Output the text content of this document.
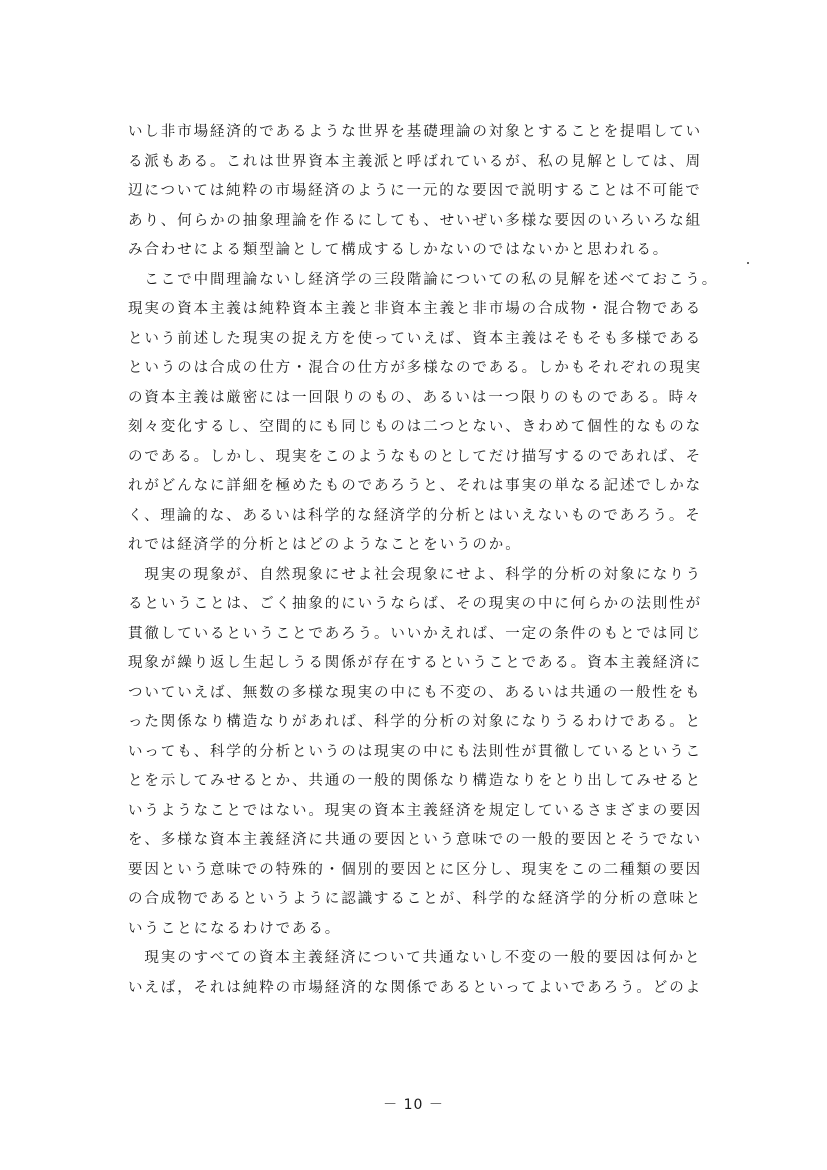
いし非市場経済的であるような世界を基礎理論の対象とすることを提唱してい
る派もある。これは世界資本主義派と呼ばれているが、私の見解としては、周
辺については純粋の市場経済のように一元的な要因で説明することは不可能で
あり、何らかの抽象理論を作るにしても、せいぜい多様な要因のいろいろな組
み合わせによる類型論として構成するしかないのではないかと思われる。
　ここで中間理論ないし経済学の三段階論についての私の見解を述べておこう。
現実の資本主義は純粋資本主義と非資本主義と非市場の合成物・混合物である
という前述した現実の捉え方を使っていえば、資本主義はそもそも多様である
というのは合成の仕方・混合の仕方が多様なのである。しかもそれぞれの現実
の資本主義は厳密には一回限りのもの、あるいは一つ限りのものである。時々
刻々変化するし、空間的にも同じものは二つとない、きわめて個性的なものな
のである。しかし、現実をこのようなものとしてだけ描写するのであれば、そ
れがどんなに詳細を極めたものであろうと、それは事実の単なる記述でしかな
く、理論的な、あるいは科学的な経済学的分析とはいえないものであろう。そ
れでは経済学的分析とはどのようなことをいうのか。
　現実の現象が、自然現象にせよ社会現象にせよ、科学的分析の対象になりう
るということは、ごく抽象的にいうならば、その現実の中に何らかの法則性が
貫徹しているということであろう。いいかえれば、一定の条件のもとでは同じ
現象が繰り返し生起しうる関係が存在するということである。資本主義経済に
ついていえば、無数の多様な現実の中にも不変の、あるいは共通の一般性をも
った関係なり構造なりがあれば、科学的分析の対象になりうるわけである。と
いっても、科学的分析というのは現実の中にも法則性が貫徹しているというこ
とを示してみせるとか、共通の一般的関係なり構造なりをとり出してみせると
いうようなことではない。現実の資本主義経済を規定しているさまざまの要因
を、多様な資本主義経済に共通の要因という意味での一般的要因とそうでない
要因という意味での特殊的・個別的要因とに区分し、現実をこの二種類の要因
の合成物であるというように認識することが、科学的な経済学的分析の意味と
いうことになるわけである。
　現実のすべての資本主義経済について共通ないし不変の一般的要因は何かと
いえば，それは純粋の市場経済的な関係であるといってよいであろう。どのよ
－ 10 －
